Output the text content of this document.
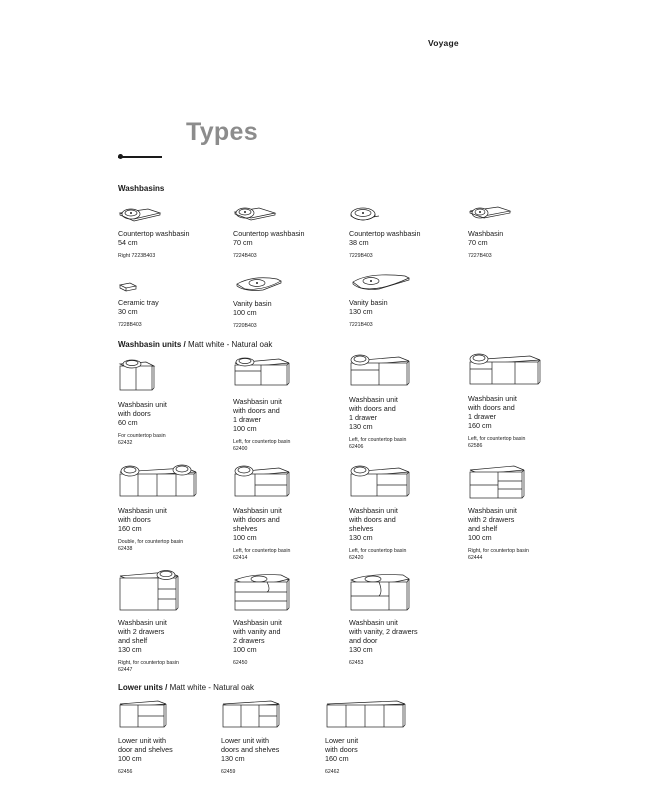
Voyage
Types
Washbasins
Countertop washbasin
54 cm
Right 7223B403
Countertop washbasin
70 cm
7224B403
Countertop washbasin
38 cm
7229B403
Washbasin
70 cm
7227B403
Ceramic tray
30 cm
7228B403
Vanity basin
100 cm
7220B403
Vanity basin
130 cm
7221B403
Washbasin units / Matt white - Natural oak
Washbasin unit
with doors
60 cm
For countertop basin
62432
Washbasin unit
with doors and
1 drawer
100 cm
Left, for countertop basin
62400
Washbasin unit
with doors and
1 drawer
130 cm
Left, for countertop basin
62406
Washbasin unit
with doors and
1 drawer
160 cm
Left, for countertop basin
62586
Washbasin unit
with doors
160 cm
Double, for countertop basin
62438
Washbasin unit
with doors and
shelves
100 cm
Left, for countertop basin
62414
Washbasin unit
with doors and
shelves
130 cm
Left, for countertop basin
62420
Washbasin unit
with 2 drawers
and shelf
100 cm
Right, for countertop basin
62444
Washbasin unit
with 2 drawers
and shelf
130 cm
Right, for countertop basin
62447
Washbasin unit
with vanity and
2 drawers
100 cm
62450
Washbasin unit
with vanity, 2 drawers
and door
130 cm
62453
Lower units / Matt white - Natural oak
Lower unit with
door and shelves
100 cm
62456
Lower unit with
doors and shelves
130 cm
62459
Lower unit
with doors
160 cm
62462
